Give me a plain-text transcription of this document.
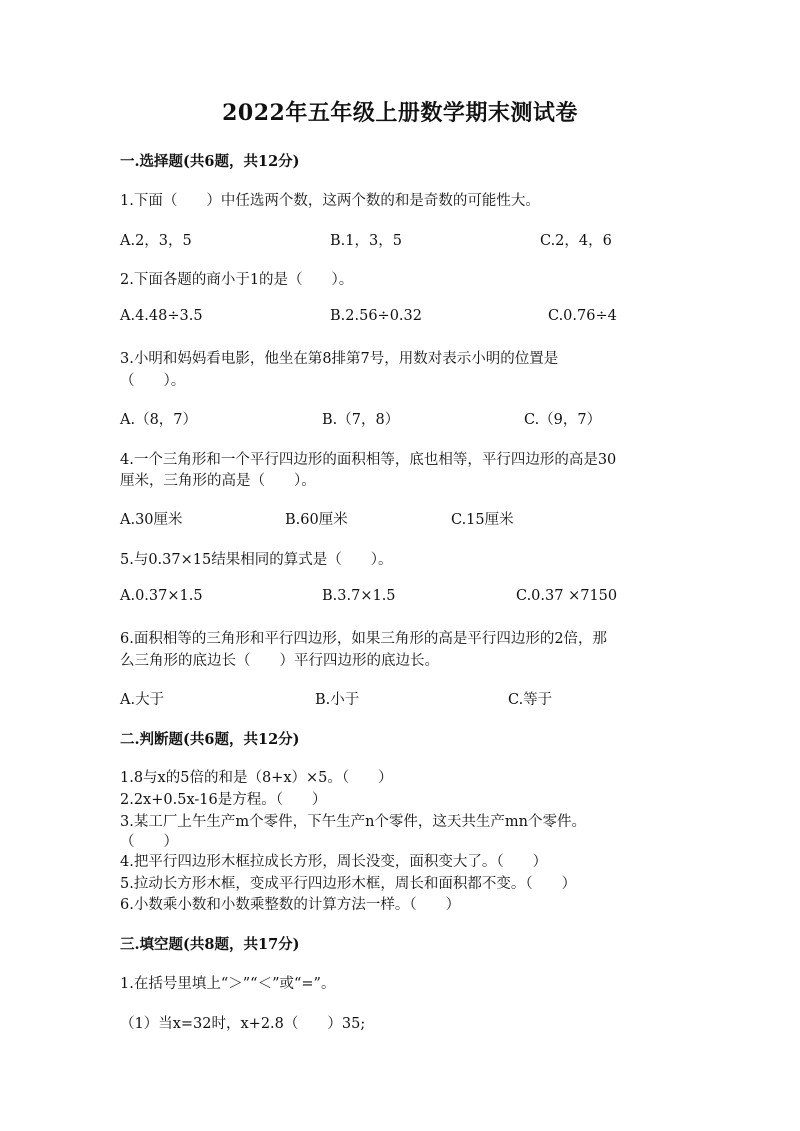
2022年五年级上册数学期末测试卷
一.选择题(共6题，共12分)
1.下面（　　）中任选两个数，这两个数的和是奇数的可能性大。
A.2，3，5	B.1，3，5	C.2，4，6
2.下面各题的商小于1的是（　　）。
A.4.48÷3.5	B.2.56÷0.32	C.0.76÷4
3.小明和妈妈看电影，他坐在第8排第7号，用数对表示小明的位置是
（　　）。
A.（8，7）	B.（7，8）	C.（9，7）
4.一个三角形和一个平行四边形的面积相等，底也相等，平行四边形的高是30
厘米，三角形的高是（　　）。
A.30厘米	B.60厘米	C.15厘米
5.与0.37×15结果相同的算式是（　　）。
A.0.37×1.5	B.3.7×1.5	C.0.37 ×7150
6.面积相等的三角形和平行四边形，如果三角形的高是平行四边形的2倍，那
么三角形的底边长（　　）平行四边形的底边长。
A.大于	B.小于	C.等于
二.判断题(共6题，共12分)
1.8与x的5倍的和是（8+x）×5。（　　）
2.2x+0.5x-16是方程。（　　）
3.某工厂上午生产m个零件，下午生产n个零件，这天共生产mn个零件。
（　　）
4.把平行四边形木框拉成长方形，周长没变，面积变大了。（　　）
5.拉动长方形木框，变成平行四边形木框，周长和面积都不变。（　　）
6.小数乘小数和小数乘整数的计算方法一样。（　　）
三.填空题(共8题，共17分)
1.在括号里填上“＞”“＜”或“=”。
（1）当x=32时，x+2.8（　　）35;
